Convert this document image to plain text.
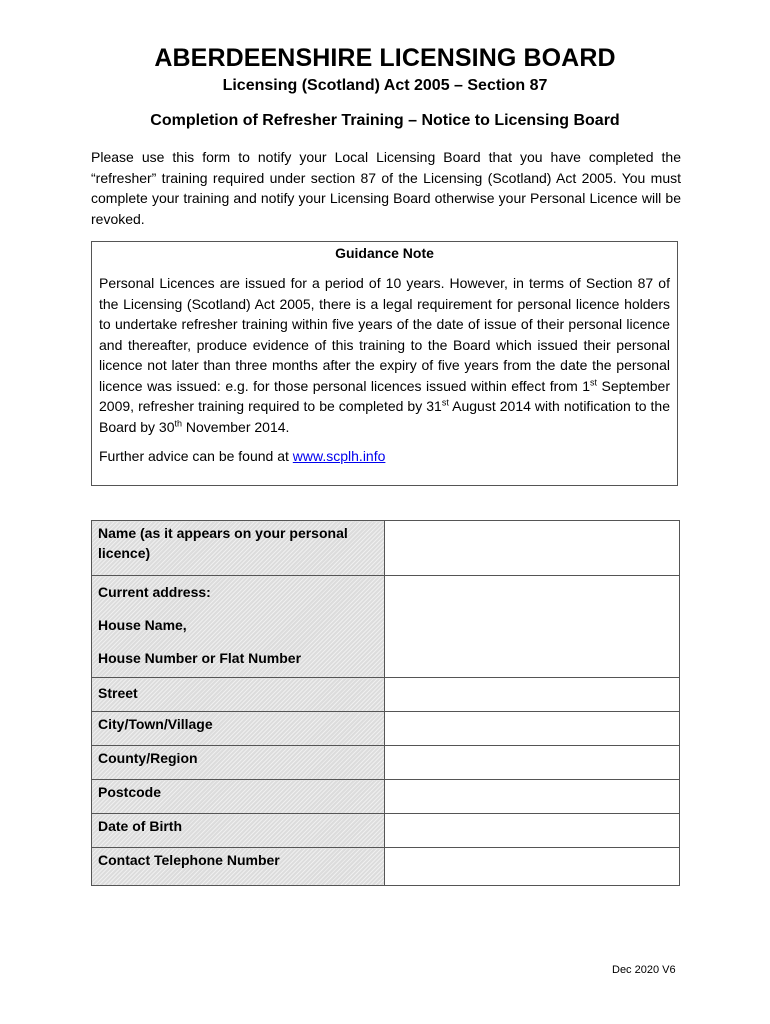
ABERDEENSHIRE LICENSING BOARD
Licensing (Scotland) Act 2005 – Section 87
Completion of Refresher Training – Notice to Licensing Board
Please use this form to notify your Local Licensing Board that you have completed the “refresher” training required under section 87 of the Licensing (Scotland) Act 2005. You must complete your training and notify your Licensing Board otherwise your Personal Licence will be revoked.
Guidance Note
Personal Licences are issued for a period of 10 years. However, in terms of Section 87 of the Licensing (Scotland) Act 2005, there is a legal requirement for personal licence holders to undertake refresher training within five years of the date of issue of their personal licence and thereafter, produce evidence of this training to the Board which issued their personal licence not later than three months after the expiry of five years from the date the personal licence was issued: e.g. for those personal licences issued within effect from 1st September 2009, refresher training required to be completed by 31st August 2014 with notification to the Board by 30th November 2014.
Further advice can be found at www.scplh.info
Name (as it appears on your personal licence)	

Current address:
House Name,
House Number or Flat Number	

Street	
City/Town/Village	
County/Region	
Postcode	
Date of Birth	
Contact Telephone Number	
Dec 2020 V6
